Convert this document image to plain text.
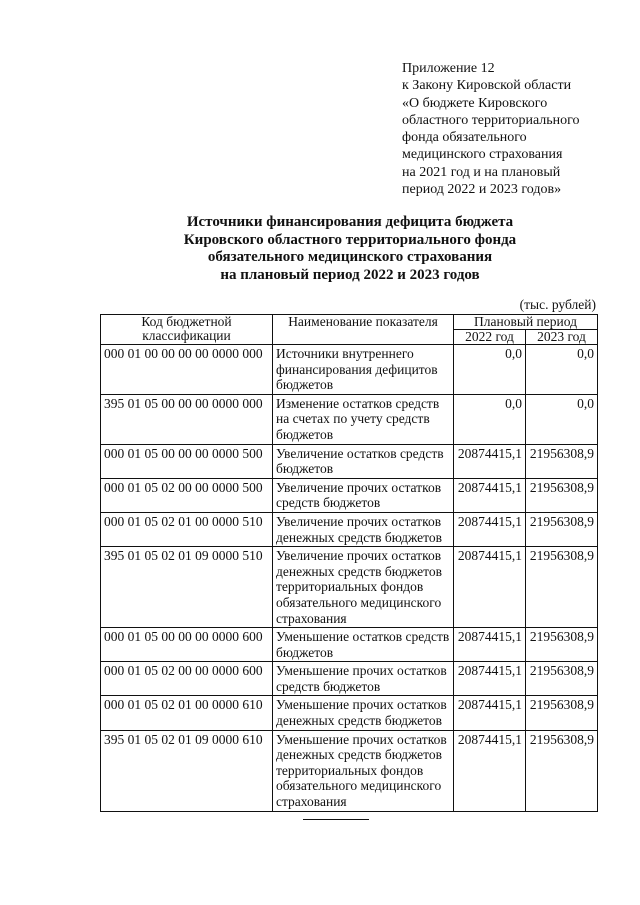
Приложение 12
к Закону Кировской области
«О бюджете Кировского
областного территориального
фонда обязательного
медицинского страхования
на 2021 год и на плановый
период 2022 и 2023 годов»
Источники финансирования дефицита бюджета
Кировского областного территориального фонда
обязательного медицинского страхования
на плановый период 2022 и 2023 годов
(тыс. рублей)
Код бюджетной классификации	Наименование показателя	Плановый период	
		2022 год	2023 год
000 01 00 00 00 00 0000 000	Источники внутреннего финансирования дефицитов бюджетов	0,0	0,0
395 01 05 00 00 00 0000 000	Изменение остатков средств на счетах по учету средств бюджетов	0,0	0,0
000 01 05 00 00 00 0000 500	Увеличение остатков средств бюджетов	20874415,1	21956308,9
000 01 05 02 00 00 0000 500	Увеличение прочих остатков средств бюджетов	20874415,1	21956308,9
000 01 05 02 01 00 0000 510	Увеличение прочих остатков денежных средств бюджетов	20874415,1	21956308,9
395 01 05 02 01 09 0000 510	Увеличение прочих остатков денежных средств бюджетов территориальных фондов обязательного медицинского страхования	20874415,1	21956308,9
000 01 05 00 00 00 0000 600	Уменьшение остатков средств бюджетов	20874415,1	21956308,9
000 01 05 02 00 00 0000 600	Уменьшение прочих остатков средств бюджетов	20874415,1	21956308,9
000 01 05 02 01 00 0000 610	Уменьшение прочих остатков денежных средств бюджетов	20874415,1	21956308,9
395 01 05 02 01 09 0000 610	Уменьшение прочих остатков денежных средств бюджетов территориальных фондов обязательного медицинского страхования	20874415,1	21956308,9
